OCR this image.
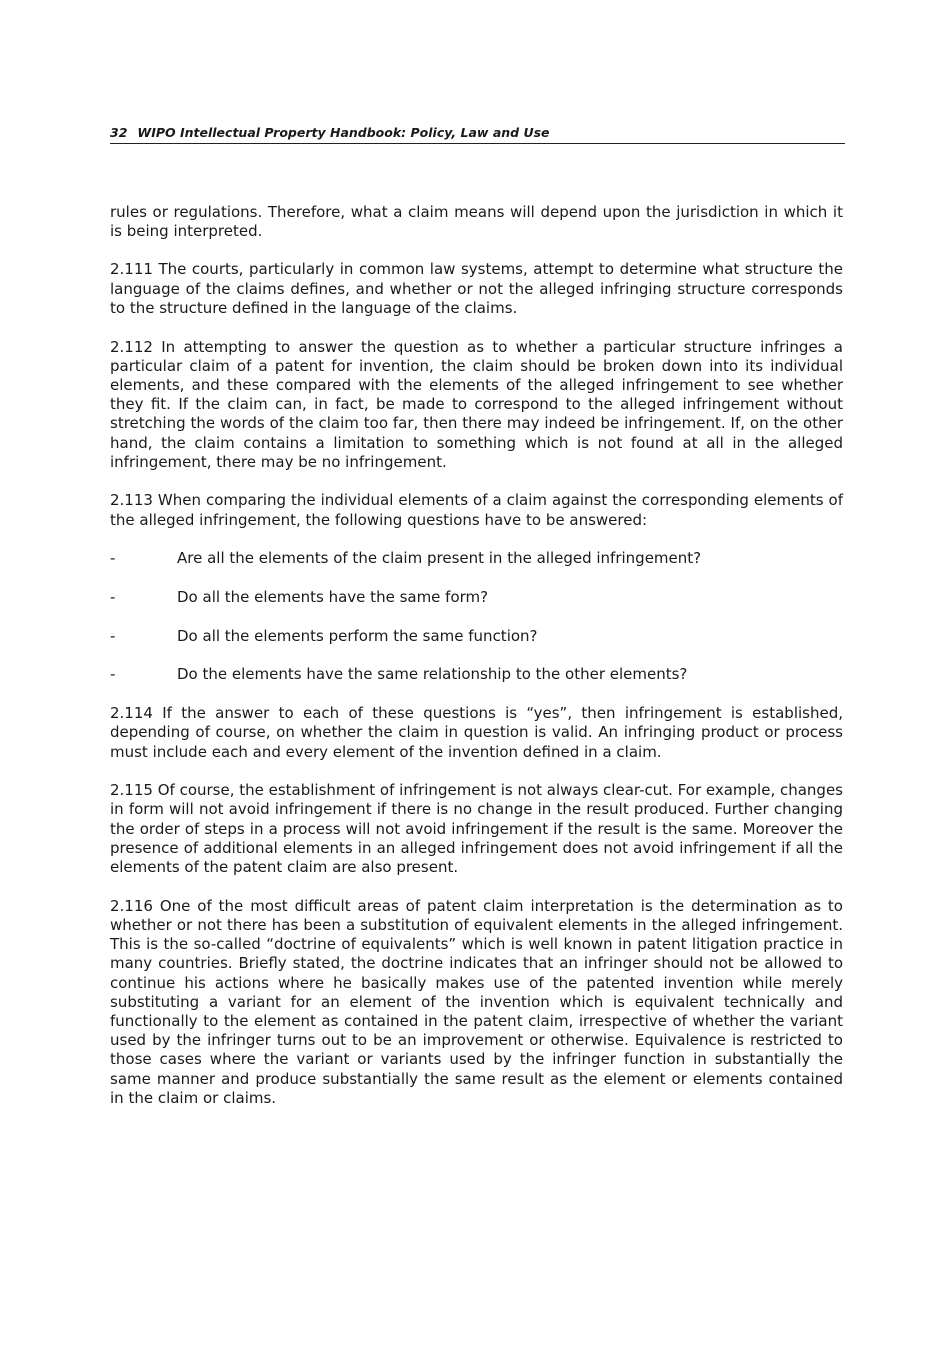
32 WIPO Intellectual Property Handbook: Policy, Law and Use

rules or regulations. Therefore, what a claim means will depend upon the jurisdiction in which it is being interpreted.

2.111 The courts, particularly in common law systems, attempt to determine what structure the language of the claims defines, and whether or not the alleged infringing structure corresponds to the structure defined in the language of the claims.

2.112 In attempting to answer the question as to whether a particular structure infringes a particular claim of a patent for invention, the claim should be broken down into its individual elements, and these compared with the elements of the alleged infringement to see whether they fit. If the claim can, in fact, be made to correspond to the alleged infringement without stretching the words of the claim too far, then there may indeed be infringement. If, on the other hand, the claim contains a limitation to something which is not found at all in the alleged infringement, there may be no infringement.

2.113 When comparing the individual elements of a claim against the corresponding elements of the alleged infringement, the following questions have to be answered:

-	Are all the elements of the claim present in the alleged infringement?
-	Do all the elements have the same form?
-	Do all the elements perform the same function?
-	Do the elements have the same relationship to the other elements?

2.114 If the answer to each of these questions is “yes”, then infringement is established, depending of course, on whether the claim in question is valid. An infringing product or process must include each and every element of the invention defined in a claim.

2.115 Of course, the establishment of infringement is not always clear-cut. For example, changes in form will not avoid infringement if there is no change in the result produced. Further changing the order of steps in a process will not avoid infringement if the result is the same. Moreover the presence of additional elements in an alleged infringement does not avoid infringement if all the elements of the patent claim are also present.

2.116 One of the most difficult areas of patent claim interpretation is the determination as to whether or not there has been a substitution of equivalent elements in the alleged infringement. This is the so-called “doctrine of equivalents” which is well known in patent litigation practice in many countries. Briefly stated, the doctrine indicates that an infringer should not be allowed to continue his actions where he basically makes use of the patented invention while merely substituting a variant for an element of the invention which is equivalent technically and functionally to the element as contained in the patent claim, irrespective of whether the variant used by the infringer turns out to be an improvement or otherwise. Equivalence is restricted to those cases where the variant or variants used by the infringer function in substantially the same manner and produce substantially the same result as the element or elements contained in the claim or claims.
